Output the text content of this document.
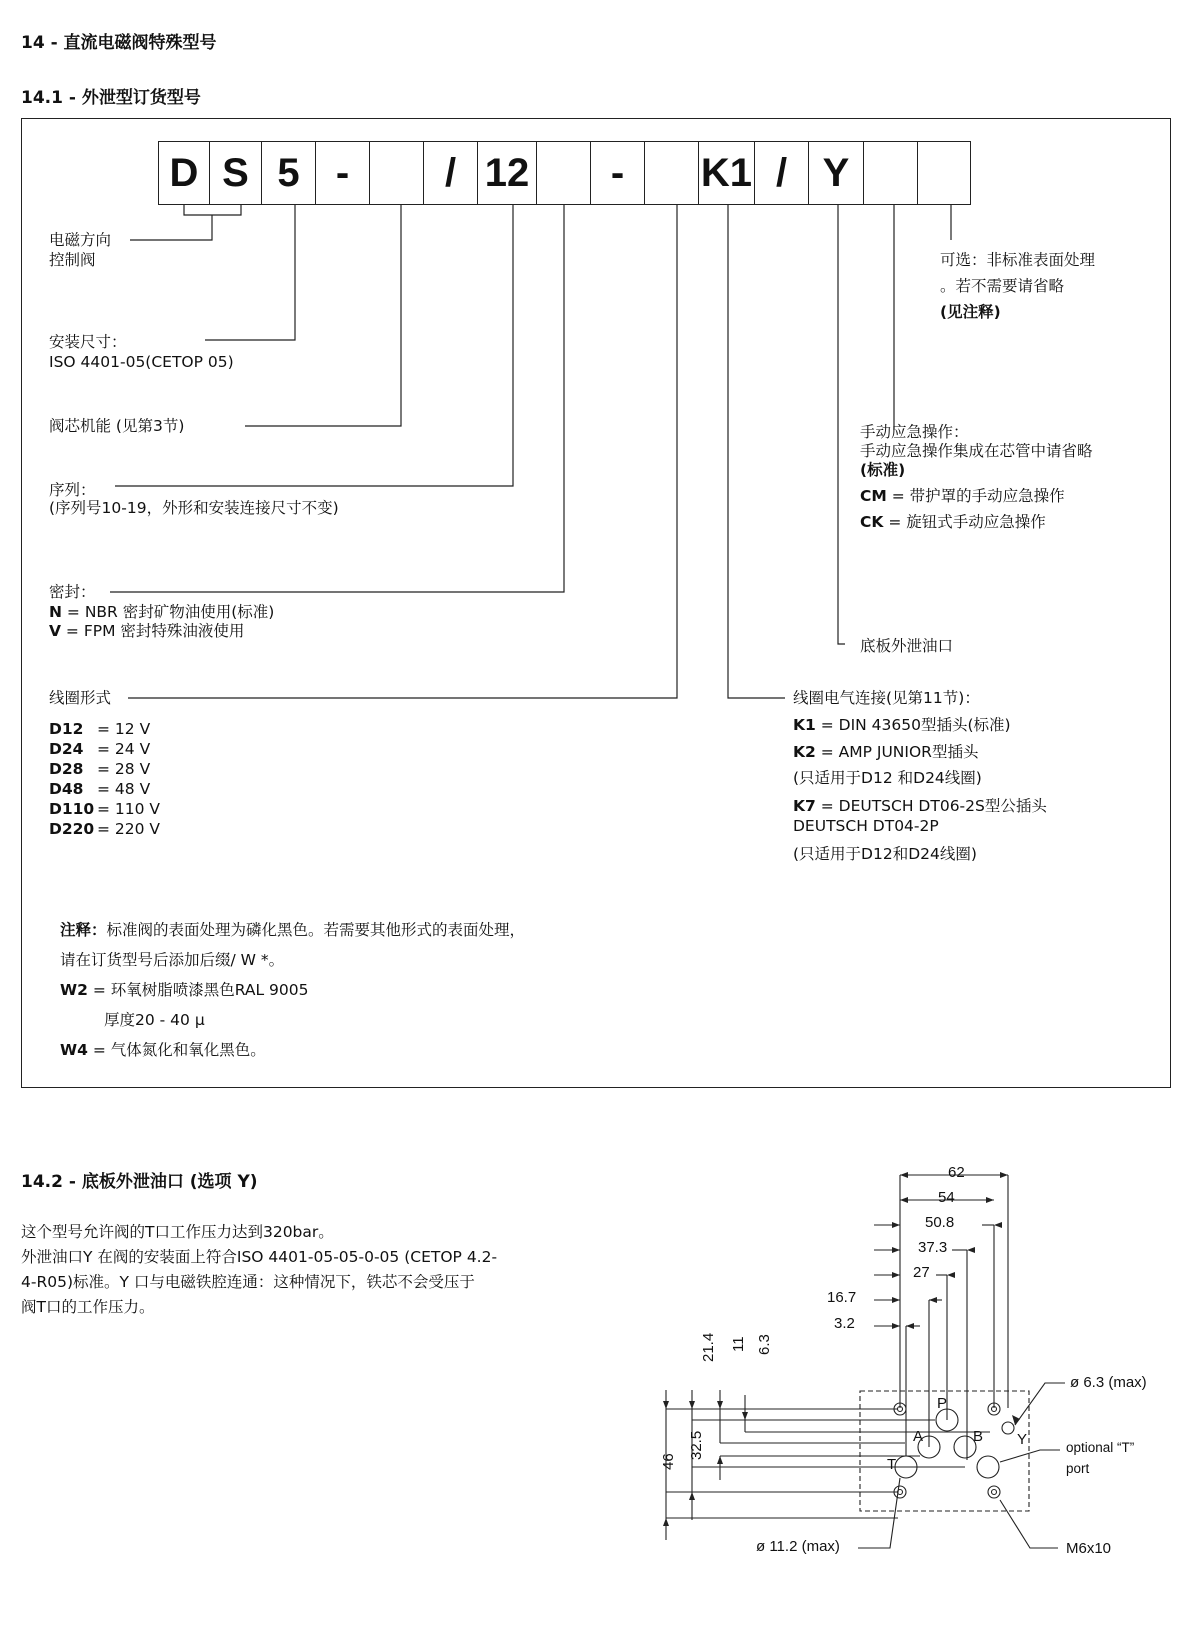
14 - 直流电磁阀特殊型号
14.1 - 外泄型订货型号
D S 5 -	/ 12	-	K1 / Y
电磁方向
控制阀
安装尺寸：
ISO 4401-05(CETOP 05)
阀芯机能 (见第3节)
序列：
(序列号10-19，外形和安装连接尺寸不变)
密封：
N = NBR 密封矿物油使用(标准)
V = FPM 密封特殊油液使用
线圈形式
D12 = 12 V
D24 = 24 V
D28 = 28 V
D48 = 48 V
D110 = 110 V
D220 = 220 V
可选：非标准表面处理
。若不需要请省略
(见注释)
手动应急操作：
手动应急操作集成在芯管中请省略
(标准)
CM = 带护罩的手动应急操作
CK = 旋钮式手动应急操作
底板外泄油口
线圈电气连接(见第11节)：
K1 = DIN 43650型插头(标准)
K2 = AMP JUNIOR型插头
(只适用于D12 和D24线圈)
K7 = DEUTSCH DT06-2S型公插头
DEUTSCH DT04-2P
(只适用于D12和D24线圈)
注释：标准阀的表面处理为磷化黑色。若需要其他形式的表面处理，
请在订货型号后添加后缀/ W *。
W2 = 环氧树脂喷漆黑色RAL 9005
厚度20 - 40 µ
W4 = 气体氮化和氧化黑色。
14.2 - 底板外泄油口 (选项 Y)
这个型号允许阀的T口工作压力达到320bar。
外泄油口Y 在阀的安装面上符合ISO 4401-05-05-0-05 (CETOP 4.2-
4-R05)标准。Y 口与电磁铁腔连通：这种情况下，铁芯不会受压于
阀T口的工作压力。
62
54
50.8
37.3
27
16.7
3.2
21.4 11 6.3
46
32.5
P
A	B
T
Y
ø 6.3 (max)
optional “T”
port
ø 11.2 (max)	M6x10
